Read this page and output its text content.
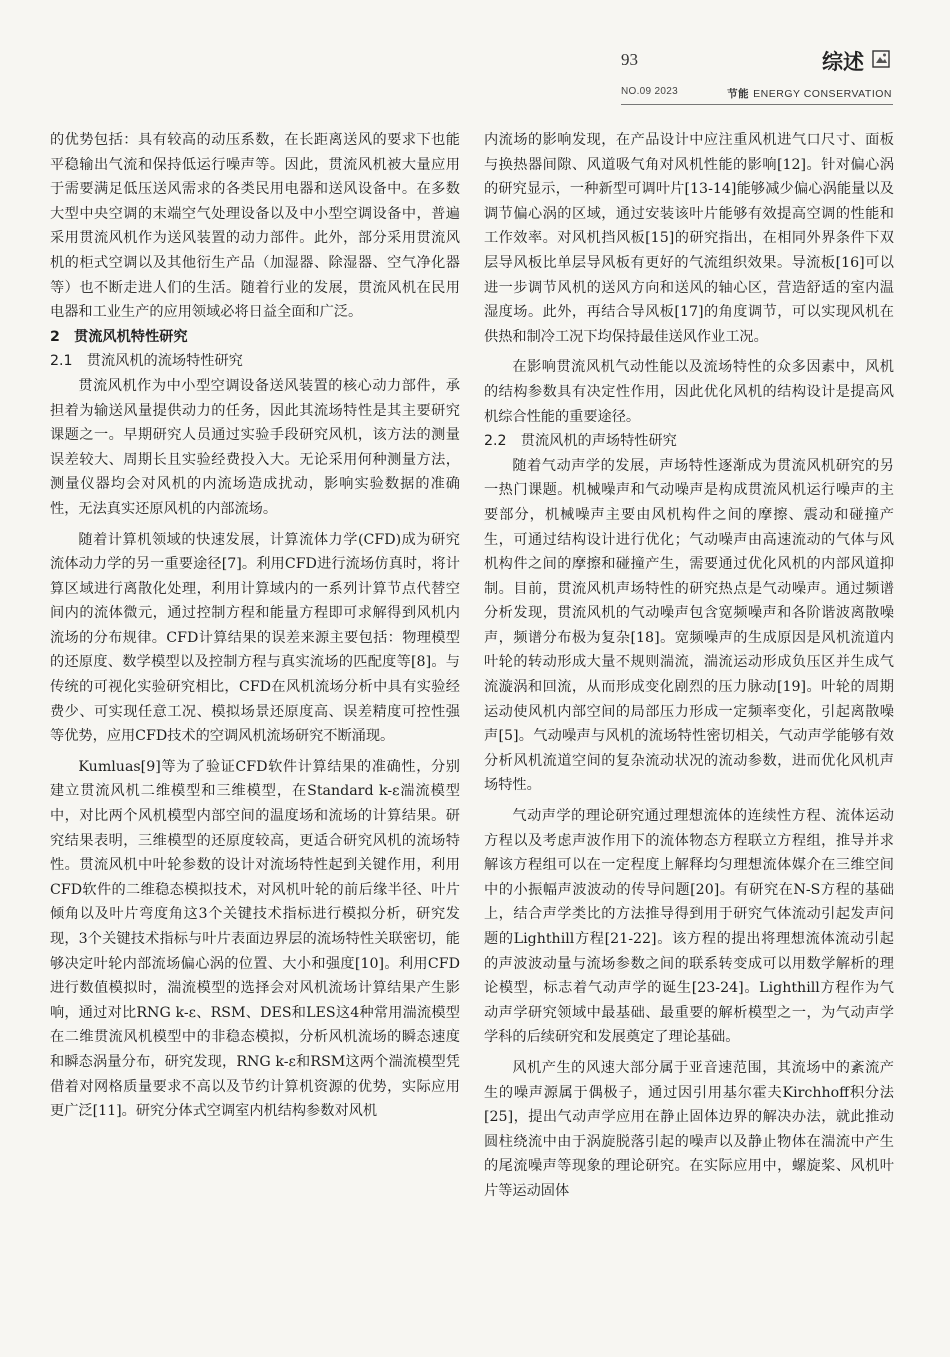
93
NO.09 2023
综述
节能 ENERGY CONSERVATION

的优势包括：具有较高的动压系数，在长距离送风的要求下也能平稳输出气流和保持低运行噪声等。因此，贯流风机被大量应用于需要满足低压送风需求的各类民用电器和送风设备中。在多数大型中央空调的末端空气处理设备以及中小型空调设备中，普遍采用贯流风机作为送风装置的动力部件。此外，部分采用贯流风机的柜式空调以及其他衍生产品（加湿器、除湿器、空气净化器等）也不断走进人们的生活。随着行业的发展，贯流风机在民用电器和工业生产的应用领域必将日益全面和广泛。

2　贯流风机特性研究
2.1　贯流风机的流场特性研究

贯流风机作为中小型空调设备送风装置的核心动力部件，承担着为输送风量提供动力的任务，因此其流场特性是其主要研究课题之一。早期研究人员通过实验手段研究风机，该方法的测量误差较大、周期长且实验经费投入大。无论采用何种测量方法，测量仪器均会对风机的内流场造成扰动，影响实验数据的准确性，无法真实还原风机的内部流场。

随着计算机领域的快速发展，计算流体力学(CFD)成为研究流体动力学的另一重要途径[7]。利用CFD进行流场仿真时，将计算区域进行离散化处理，利用计算域内的一系列计算节点代替空间内的流体微元，通过控制方程和能量方程即可求解得到风机内流场的分布规律。CFD计算结果的误差来源主要包括：物理模型的还原度、数学模型以及控制方程与真实流场的匹配度等[8]。与传统的可视化实验研究相比，CFD在风机流场分析中具有实验经费少、可实现任意工况、模拟场景还原度高、误差精度可控性强等优势，应用CFD技术的空调风机流场研究不断涌现。

Kumluas[9]等为了验证CFD软件计算结果的准确性，分别建立贯流风机二维模型和三维模型，在Standard k-ε湍流模型中，对比两个风机模型内部空间的温度场和流场的计算结果。研究结果表明，三维模型的还原度较高，更适合研究风机的流场特性。贯流风机中叶轮参数的设计对流场特性起到关键作用，利用CFD软件的二维稳态模拟技术，对风机叶轮的前后缘半径、叶片倾角以及叶片弯度角这3个关键技术指标进行模拟分析，研究发现，3个关键技术指标与叶片表面边界层的流场特性关联密切，能够决定叶轮内部流场偏心涡的位置、大小和强度[10]。利用CFD进行数值模拟时，湍流模型的选择会对风机流场计算结果产生影响，通过对比RNG k-ε、RSM、DES和LES这4种常用湍流模型在二维贯流风机模型中的非稳态模拟，分析风机流场的瞬态速度和瞬态涡量分布，研究发现，RNG k-ε和RSM这两个湍流模型凭借着对网格质量要求不高以及节约计算机资源的优势，实际应用更广泛[11]。研究分体式空调室内机结构参数对风机

内流场的影响发现，在产品设计中应注重风机进气口尺寸、面板与换热器间隙、风道吸气角对风机性能的影响[12]。针对偏心涡的研究显示，一种新型可调叶片[13-14]能够减少偏心涡能量以及调节偏心涡的区域，通过安装该叶片能够有效提高空调的性能和工作效率。对风机挡风板[15]的研究指出，在相同外界条件下双层导风板比单层导风板有更好的气流组织效果。导流板[16]可以进一步调节风机的送风方向和送风的轴心区，营造舒适的室内温湿度场。此外，再结合导风板[17]的角度调节，可以实现风机在供热和制冷工况下均保持最佳送风作业工况。

在影响贯流风机气动性能以及流场特性的众多因素中，风机的结构参数具有决定性作用，因此优化风机的结构设计是提高风机综合性能的重要途径。

2.2　贯流风机的声场特性研究

随着气动声学的发展，声场特性逐渐成为贯流风机研究的另一热门课题。机械噪声和气动噪声是构成贯流风机运行噪声的主要部分，机械噪声主要由风机构件之间的摩擦、震动和碰撞产生，可通过结构设计进行优化；气动噪声由高速流动的气体与风机构件之间的摩擦和碰撞产生，需要通过优化风机的内部风道抑制。目前，贯流风机声场特性的研究热点是气动噪声。通过频谱分析发现，贯流风机的气动噪声包含宽频噪声和各阶谐波离散噪声，频谱分布极为复杂[18]。宽频噪声的生成原因是风机流道内叶轮的转动形成大量不规则湍流，湍流运动形成负压区并生成气流漩涡和回流，从而形成变化剧烈的压力脉动[19]。叶轮的周期运动使风机内部空间的局部压力形成一定频率变化，引起离散噪声[5]。气动噪声与风机的流场特性密切相关，气动声学能够有效分析风机流道空间的复杂流动状况的流动参数，进而优化风机声场特性。

气动声学的理论研究通过理想流体的连续性方程、流体运动方程以及考虑声波作用下的流体物态方程联立方程组，推导并求解该方程组可以在一定程度上解释均匀理想流体媒介在三维空间中的小振幅声波波动的传导问题[20]。有研究在N-S方程的基础上，结合声学类比的方法推导得到用于研究气体流动引起发声问题的Lighthill方程[21-22]。该方程的提出将理想流体流动引起的声波波动量与流场参数之间的联系转变成可以用数学解析的理论模型，标志着气动声学的诞生[23-24]。Lighthill方程作为气动声学研究领域中最基础、最重要的解析模型之一，为气动声学学科的后续研究和发展奠定了理论基础。

风机产生的风速大部分属于亚音速范围，其流场中的紊流产生的噪声源属于偶极子，通过因引用基尔霍夫Kirchhoff积分法[25]，提出气动声学应用在静止固体边界的解决办法，就此推动圆柱绕流中由于涡旋脱落引起的噪声以及静止物体在湍流中产生的尾流噪声等现象的理论研究。在实际应用中，螺旋桨、风机叶片等运动固体
